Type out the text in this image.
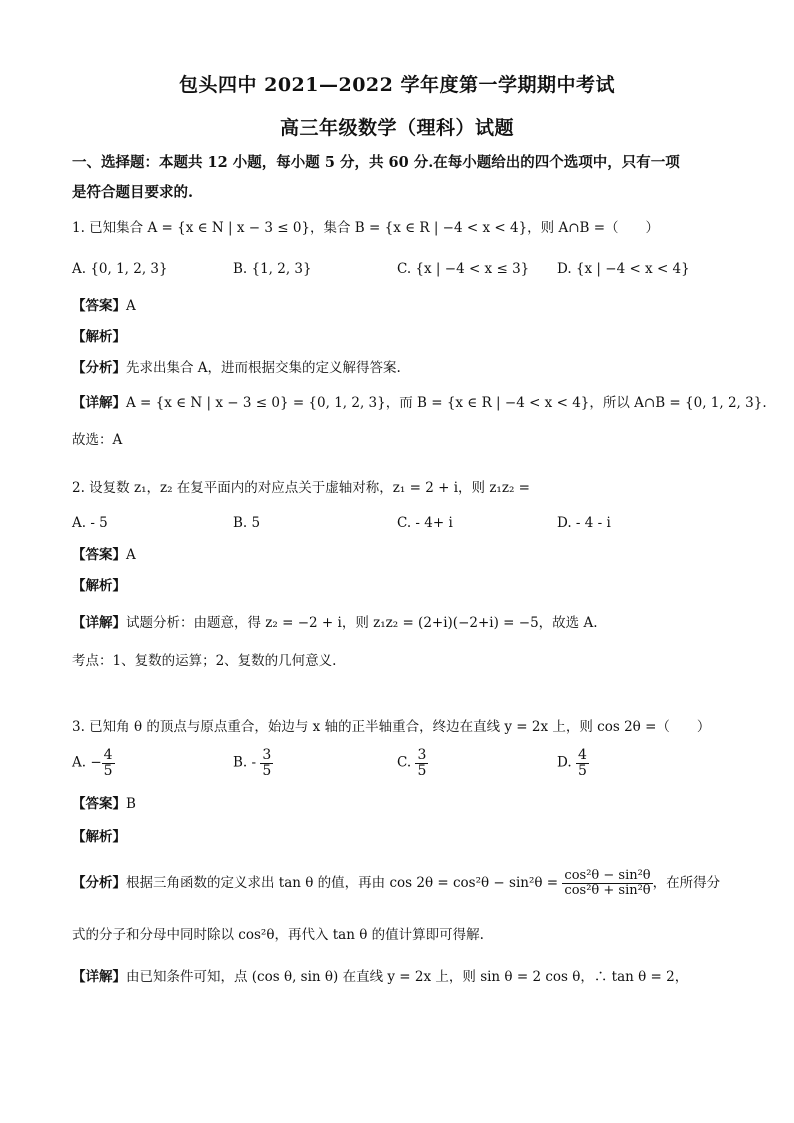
包头四中 2021—2022 学年度第一学期期中考试
高三年级数学（理科）试题
一、选择题：本题共 12 小题，每小题 5 分，共 60 分.在每小题给出的四个选项中，只有一项
是符合题目要求的.
1. 已知集合 A = {x ∈ N | x − 3 ≤ 0}，集合 B = {x ∈ R | −4 < x < 4}，则 A∩B =（　　）
A. {0, 1, 2, 3}	B. {1, 2, 3}	C. {x | −4 < x ≤ 3} D. {x | −4 < x < 4}
【答案】A
【解析】
【分析】先求出集合 A，进而根据交集的定义解得答案.
【详解】A = {x ∈ N | x − 3 ≤ 0} = {0, 1, 2, 3}，而 B = {x ∈ R | −4 < x < 4}，所以 A∩B = {0, 1, 2, 3}.
故选：A
2. 设复数 z₁，z₂ 在复平面内的对应点关于虚轴对称，z₁ = 2 + i，则 z₁z₂ =
A. - 5	B. 5	C. - 4+ i	D. - 4 - i
【答案】A
【解析】
【详解】试题分析：由题意，得 z₂ = −2 + i，则 z₁z₂ = (2+i)(−2+i) = −5，故选 A.
考点：1、复数的运算；2、复数的几何意义.
3. 已知角 θ 的顶点与原点重合，始边与 x 轴的正半轴重合，终边在直线 y = 2x 上，则 cos 2θ =（　　）
A. − $\frac{4}{5}$	B. - $\frac{3}{5}$	C. $\frac{3}{5}$	D. $\frac{4}{5}$
【答案】B
【解析】
【分析】根据三角函数的定义求出 tan θ 的值，再由 $\cos 2\theta = \cos^2\theta - \sin^2\theta = \frac{\text{cos²θ − sin²θ}}{\text{cos²θ + sin²θ}}$ ，在所得分
式的分子和分母中同时除以 cos²θ，再代入 tan θ 的值计算即可得解.
【详解】由已知条件可知，点 (cos θ, sin θ) 在直线 y = 2x 上，则 sin θ = 2 cos θ，∴ tan θ = 2，
